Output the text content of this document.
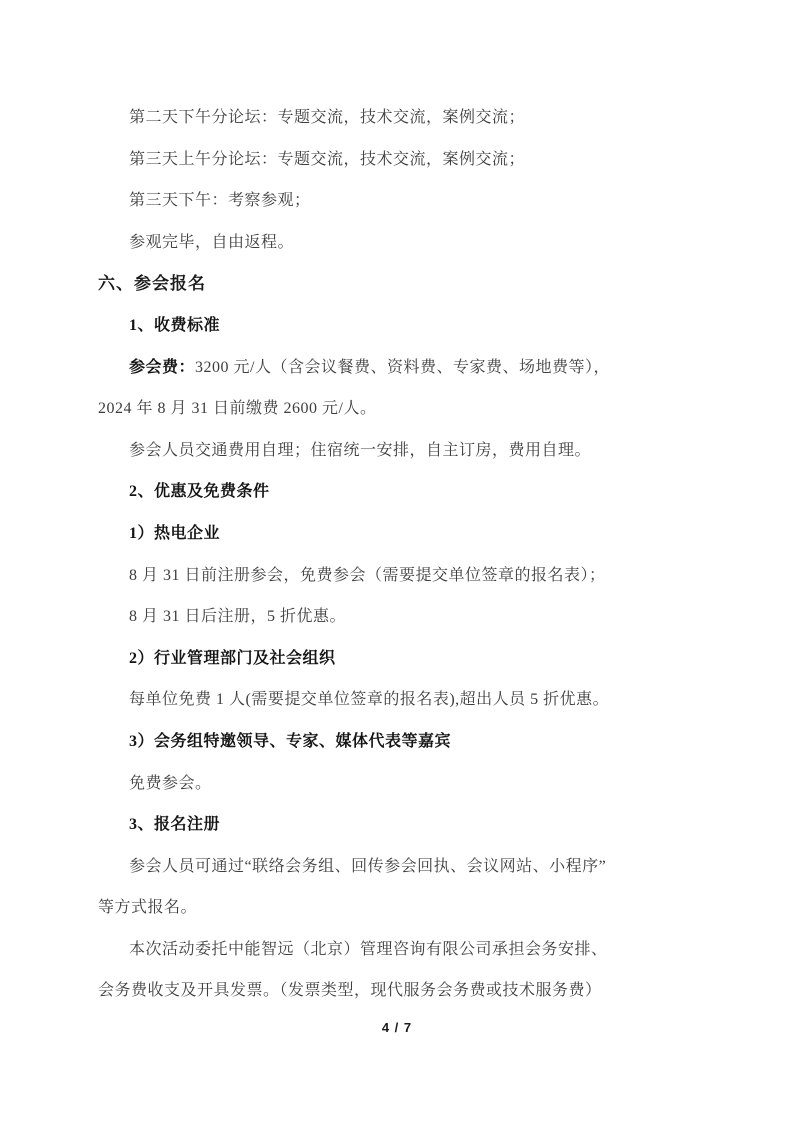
第二天下午分论坛：专题交流，技术交流，案例交流；
第三天上午分论坛：专题交流，技术交流，案例交流；
第三天下午：考察参观；
参观完毕，自由返程。
六、参会报名
1、收费标准
参会费：3200 元/人（含会议餐费、资料费、专家费、场地费等），
2024 年 8 月 31 日前缴费 2600 元/人。
参会人员交通费用自理；住宿统一安排，自主订房，费用自理。
2、优惠及免费条件
1）热电企业
8 月 31 日前注册参会，免费参会（需要提交单位签章的报名表）；
8 月 31 日后注册，5 折优惠。
2）行业管理部门及社会组织
每单位免费 1 人(需要提交单位签章的报名表),超出人员 5 折优惠。
3）会务组特邀领导、专家、媒体代表等嘉宾
免费参会。
3、报名注册
参会人员可通过“联络会务组、回传参会回执、会议网站、小程序”
等方式报名。
本次活动委托中能智远（北京）管理咨询有限公司承担会务安排、
会务费收支及开具发票。（发票类型，现代服务会务费或技术服务费）
4 / 7
